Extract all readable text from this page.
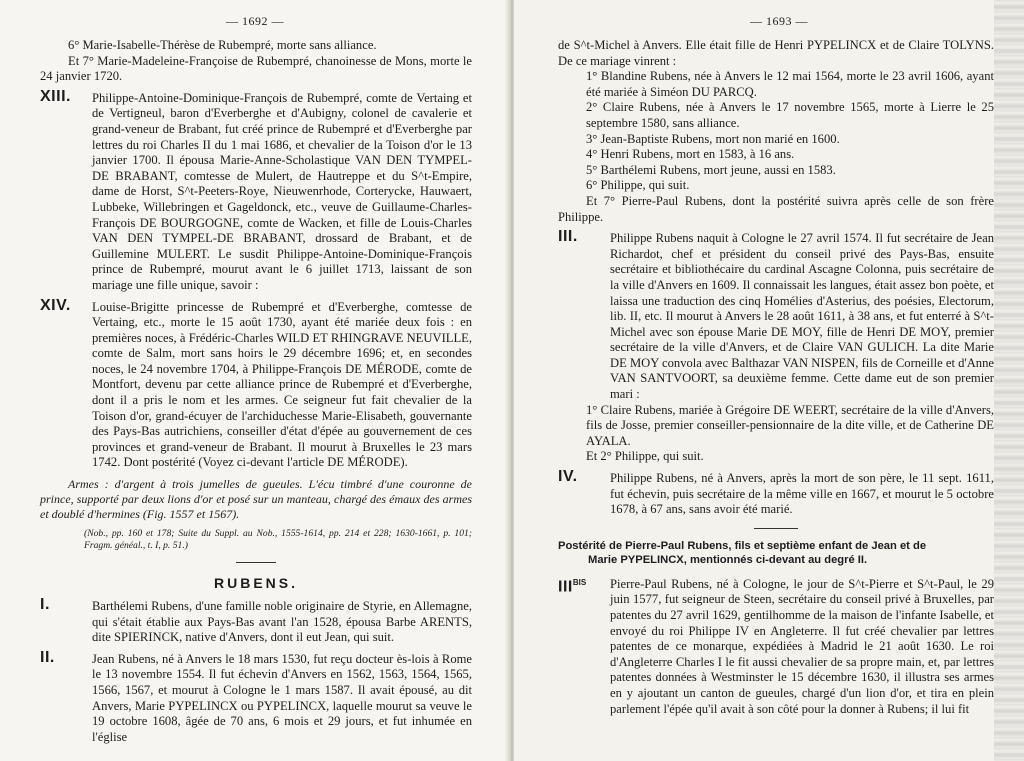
— 1692 —

6° Marie-Isabelle-Thérèse de Rubempré, morte sans alliance.

Et 7° Marie-Madeleine-Françoise de Rubempré, chanoinesse de Mons, morte le 24 janvier 1720.

XIII. Philippe-Antoine-Dominique-François de Rubempré, comte de Vertaing et de Vertigneul, baron d'Everberghe et d'Aubigny, colonel de cavalerie et grand-veneur de Brabant, fut créé prince de Rubempré et d'Everberghe par lettres du roi Charles II du 1 mai 1686, et chevalier de la Toison d'or le 13 janvier 1700. Il épousa Marie-Anne-Scholastique VAN DEN TYMPEL-DE BRABANT, comtesse de Mulert, de Hautreppe et du S^t-Empire, dame de Horst, S^t-Peeters-Roye, Nieuwenrhode, Corterycke, Hauwaert, Lubbeke, Willebringen et Gageldonck, etc., veuve de Guillaume-Charles-François DE BOURGOGNE, comte de Wacken, et fille de Louis-Charles VAN DEN TYMPEL-DE BRABANT, drossard de Brabant, et de Guillemine MULERT. Le susdit Philippe-Antoine-Dominique-François prince de Rubempré, mourut avant le 6 juillet 1713, laissant de son mariage une fille unique, savoir :

XIV. Louise-Brigitte princesse de Rubempré et d'Everberghe, comtesse de Vertaing, etc., morte le 15 août 1730, ayant été mariée deux fois : en premières noces, à Frédéric-Charles WILD ET RHINGRAVE NEUVILLE, comte de Salm, mort sans hoirs le 29 décembre 1696; et, en secondes noces, le 24 novembre 1704, à Philippe-François DE MÉRODE, comte de Montfort, devenu par cette alliance prince de Rubempré et d'Everberghe, dont il a pris le nom et les armes. Ce seigneur fut fait chevalier de la Toison d'or, grand-écuyer de l'archiduchesse Marie-Elisabeth, gouvernante des Pays-Bas autrichiens, conseiller d'état d'épée au gouvernement de ces provinces et grand-veneur de Brabant. Il mourut à Bruxelles le 23 mars 1742. Dont postérité (Voyez ci-devant l'article DE MÉRODE).

Armes : d'argent à trois jumelles de gueules. L'écu timbré d'une couronne de prince, supporté par deux lions d'or et posé sur un manteau, chargé des émaux des armes et doublé d'hermines (Fig. 1557 et 1567).

(Nob., pp. 160 et 178; Suite du Suppl. au Nob., 1555-1614, pp. 214 et 228; 1630-1661, p. 101; Fragm. généal., t. I, p. 51.)

RUBENS.

I.	Barthélemi Rubens, d'une famille noble originaire de Styrie, en Allemagne, qui s'était établie aux Pays-Bas avant l'an 1528, épousa Barbe ARENTS, dite SPIERINCK, native d'Anvers, dont il eut Jean, qui suit.

II.	Jean Rubens, né à Anvers le 18 mars 1530, fut reçu docteur ès-lois à Rome le 13 novembre 1554. Il fut échevin d'Anvers en 1562, 1563, 1564, 1565, 1566, 1567, et mourut à Cologne le 1 mars 1587. Il avait épousé, au dit Anvers, Marie PYPELINCX ou PYPELINCX, laquelle mourut sa veuve le 19 octobre 1608, âgée de 70 ans, 6 mois et 29 jours, et fut inhumée en l'église

— 1693 —

de S^t-Michel à Anvers. Elle était fille de Henri PYPELINCX et de Claire TOLYNS. De ce mariage vinrent :

1° Blandine Rubens, née à Anvers le 12 mai 1564, morte le 23 avril 1606, ayant été mariée à Siméon DU PARCQ.

2° Claire Rubens, née à Anvers le 17 novembre 1565, morte à Lierre le 25 septembre 1580, sans alliance.

3° Jean-Baptiste Rubens, mort non marié en 1600.

4° Henri Rubens, mort en 1583, à 16 ans.

5° Barthélemi Rubens, mort jeune, aussi en 1583.

6° Philippe, qui suit.

Et 7° Pierre-Paul Rubens, dont la postérité suivra après celle de son frère Philippe.

III.	Philippe Rubens naquit à Cologne le 27 avril 1574. Il fut secrétaire de Jean Richardot, chef et président du conseil privé des Pays-Bas, ensuite secrétaire et bibliothécaire du cardinal Ascagne Colonna, puis secrétaire de la ville d'Anvers en 1609. Il connaissait les langues, était assez bon poète, et laissa une traduction des cinq Homélies d'Asterius, des poésies, Electorum, lib. II, etc. Il mourut à Anvers le 28 août 1611, à 38 ans, et fut enterré à S^t-Michel avec son épouse Marie DE MOY, fille de Henri DE MOY, premier secrétaire de la ville d'Anvers, et de Claire VAN GULICH. La dite Marie DE MOY convola avec Balthazar VAN NISPEN, fils de Corneille et d'Anne VAN SANTVOORT, sa deuxième femme. Cette dame eut de son premier mari :

1° Claire Rubens, mariée à Grégoire DE WEERT, secrétaire de la ville d'Anvers, fils de Josse, premier conseiller-pensionnaire de la dite ville, et de Catherine DE AYALA.

Et 2° Philippe, qui suit.

IV.	Philippe Rubens, né à Anvers, après la mort de son père, le 11 sept. 1611, fut échevin, puis secrétaire de la même ville en 1667, et mourut le 5 octobre 1678, à 67 ans, sans avoir été marié.

Postérité de Pierre-Paul Rubens, fils et septième enfant de Jean et de
Marie PYPELINCX, mentionnés ci-devant au degré II.

$III^{BIS}$ Pierre-Paul Rubens, né à Cologne, le jour de S^t-Pierre et S^t-Paul, le 29 juin 1577, fut seigneur de Steen, secrétaire du conseil privé à Bruxelles, par patentes du 27 avril 1629, gentilhomme de la maison de l'infante Isabelle, et envoyé du roi Philippe IV en Angleterre. Il fut créé chevalier par lettres patentes de ce monarque, expédiées à Madrid le 21 août 1630. Le roi d'Angleterre Charles I le fit aussi chevalier de sa propre main, et, par lettres patentes données à Westminster le 15 décembre 1630, il illustra ses armes en y ajoutant un canton de gueules, chargé d'un lion d'or, et tira en plein parlement l'épée qu'il avait à son côté pour la donner à Rubens; il lui fit
